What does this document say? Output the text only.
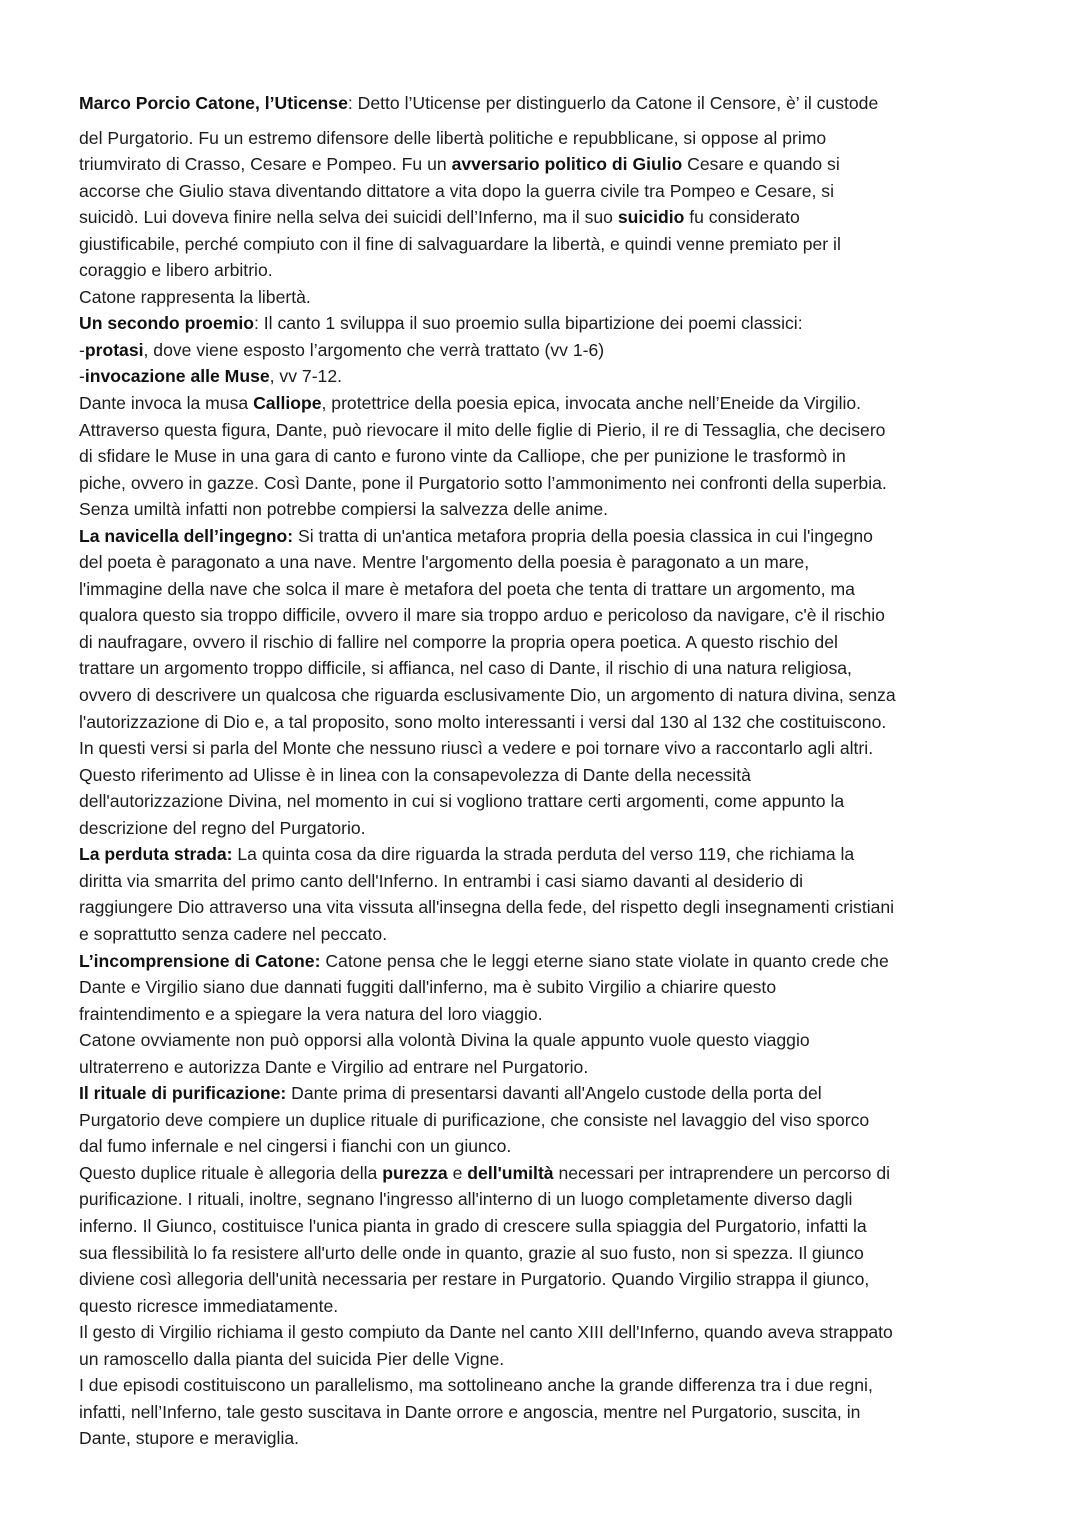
Marco Porcio Catone, l’Uticense: Detto l’Uticense per distinguerlo da Catone il Censore, è’ il custode
del Purgatorio. Fu un estremo difensore delle libertà politiche e repubblicane, si oppose al primo
triumvirato di Crasso, Cesare e Pompeo. Fu un avversario politico di Giulio Cesare e quando si
accorse che Giulio stava diventando dittatore a vita dopo la guerra civile tra Pompeo e Cesare, si
suicidò. Lui doveva finire nella selva dei suicidi dell’Inferno, ma il suo suicidio fu considerato
giustificabile, perché compiuto con il fine di salvaguardare la libertà, e quindi venne premiato per il
coraggio e libero arbitrio.
Catone rappresenta la libertà.
Un secondo proemio: Il canto 1 sviluppa il suo proemio sulla bipartizione dei poemi classici:
-protasi, dove viene esposto l’argomento che verrà trattato (vv 1-6)
-invocazione alle Muse, vv 7-12.
Dante invoca la musa Calliope, protettrice della poesia epica, invocata anche nell’Eneide da Virgilio.
Attraverso questa figura, Dante, può rievocare il mito delle figlie di Pierio, il re di Tessaglia, che decisero
di sfidare le Muse in una gara di canto e furono vinte da Calliope, che per punizione le trasformò in
piche, ovvero in gazze. Così Dante, pone il Purgatorio sotto l’ammonimento nei confronti della superbia.
Senza umiltà infatti non potrebbe compiersi la salvezza delle anime.
La navicella dell’ingegno: Si tratta di un'antica metafora propria della poesia classica in cui l'ingegno
del poeta è paragonato a una nave. Mentre l'argomento della poesia è paragonato a un mare,
l'immagine della nave che solca il mare è metafora del poeta che tenta di trattare un argomento, ma
qualora questo sia troppo difficile, ovvero il mare sia troppo arduo e pericoloso da navigare, c'è il rischio
di naufragare, ovvero il rischio di fallire nel comporre la propria opera poetica. A questo rischio del
trattare un argomento troppo difficile, si affianca, nel caso di Dante, il rischio di una natura religiosa,
ovvero di descrivere un qualcosa che riguarda esclusivamente Dio, un argomento di natura divina, senza
l'autorizzazione di Dio e, a tal proposito, sono molto interessanti i versi dal 130 al 132 che costituiscono.
In questi versi si parla del Monte che nessuno riuscì a vedere e poi tornare vivo a raccontarlo agli altri.
Questo riferimento ad Ulisse è in linea con la consapevolezza di Dante della necessità
dell'autorizzazione Divina, nel momento in cui si vogliono trattare certi argomenti, come appunto la
descrizione del regno del Purgatorio.
La perduta strada: La quinta cosa da dire riguarda la strada perduta del verso 119, che richiama la
diritta via smarrita del primo canto dell'Inferno. In entrambi i casi siamo davanti al desiderio di
raggiungere Dio attraverso una vita vissuta all'insegna della fede, del rispetto degli insegnamenti cristiani
e soprattutto senza cadere nel peccato.
L’incomprensione di Catone: Catone pensa che le leggi eterne siano state violate in quanto crede che
Dante e Virgilio siano due dannati fuggiti dall'inferno, ma è subito Virgilio a chiarire questo
fraintendimento e a spiegare la vera natura del loro viaggio.
Catone ovviamente non può opporsi alla volontà Divina la quale appunto vuole questo viaggio
ultraterreno e autorizza Dante e Virgilio ad entrare nel Purgatorio.
Il rituale di purificazione: Dante prima di presentarsi davanti all'Angelo custode della porta del
Purgatorio deve compiere un duplice rituale di purificazione, che consiste nel lavaggio del viso sporco
dal fumo infernale e nel cingersi i fianchi con un giunco.
Questo duplice rituale è allegoria della purezza e dell'umiltà necessari per intraprendere un percorso di
purificazione. I rituali, inoltre, segnano l'ingresso all'interno di un luogo completamente diverso dagli
inferno. Il Giunco, costituisce l'unica pianta in grado di crescere sulla spiaggia del Purgatorio, infatti la
sua flessibilità lo fa resistere all'urto delle onde in quanto, grazie al suo fusto, non si spezza. Il giunco
diviene così allegoria dell'unità necessaria per restare in Purgatorio. Quando Virgilio strappa il giunco,
questo ricresce immediatamente.
Il gesto di Virgilio richiama il gesto compiuto da Dante nel canto XIII dell'Inferno, quando aveva strappato
un ramoscello dalla pianta del suicida Pier delle Vigne.
I due episodi costituiscono un parallelismo, ma sottolineano anche la grande differenza tra i due regni,
infatti, nell’Inferno, tale gesto suscitava in Dante orrore e angoscia, mentre nel Purgatorio, suscita, in
Dante, stupore e meraviglia.
